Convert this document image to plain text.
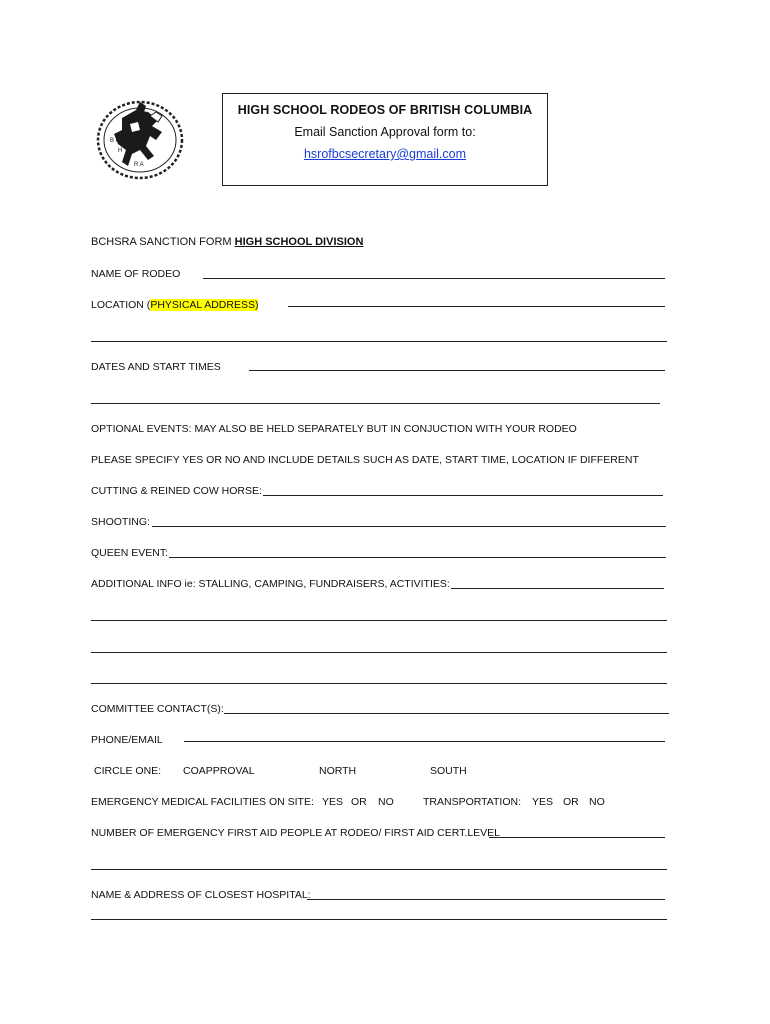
B C
H
S
R A
HIGH SCHOOL RODEOS OF BRITISH COLUMBIA
Email Sanction Approval form to:
hsrofbcsecretary@gmail.com
BCHSRA SANCTION FORM HIGH SCHOOL DIVISION
NAME OF RODEO
LOCATION (PHYSICAL ADDRESS)
DATES AND START TIMES
OPTIONAL EVENTS: MAY ALSO BE HELD SEPARATELY BUT IN CONJUCTION WITH YOUR RODEO
PLEASE SPECIFY YES OR NO AND INCLUDE DETAILS SUCH AS DATE, START TIME, LOCATION IF DIFFERENT
CUTTING & REINED COW HORSE:
SHOOTING:
QUEEN EVENT:
ADDITIONAL INFO ie: STALLING, CAMPING, FUNDRAISERS, ACTIVITIES:
COMMITTEE CONTACT(S):
PHONE/EMAIL
CIRCLE ONE: COAPPROVAL	NORTH	SOUTH
EMERGENCY MEDICAL FACILITIES ON SITE: YES OR NO	TRANSPORTATION: YES OR NO
NUMBER OF EMERGENCY FIRST AID PEOPLE AT RODEO/ FIRST AID CERT.LEVEL
NAME & ADDRESS OF CLOSEST HOSPITAL:
